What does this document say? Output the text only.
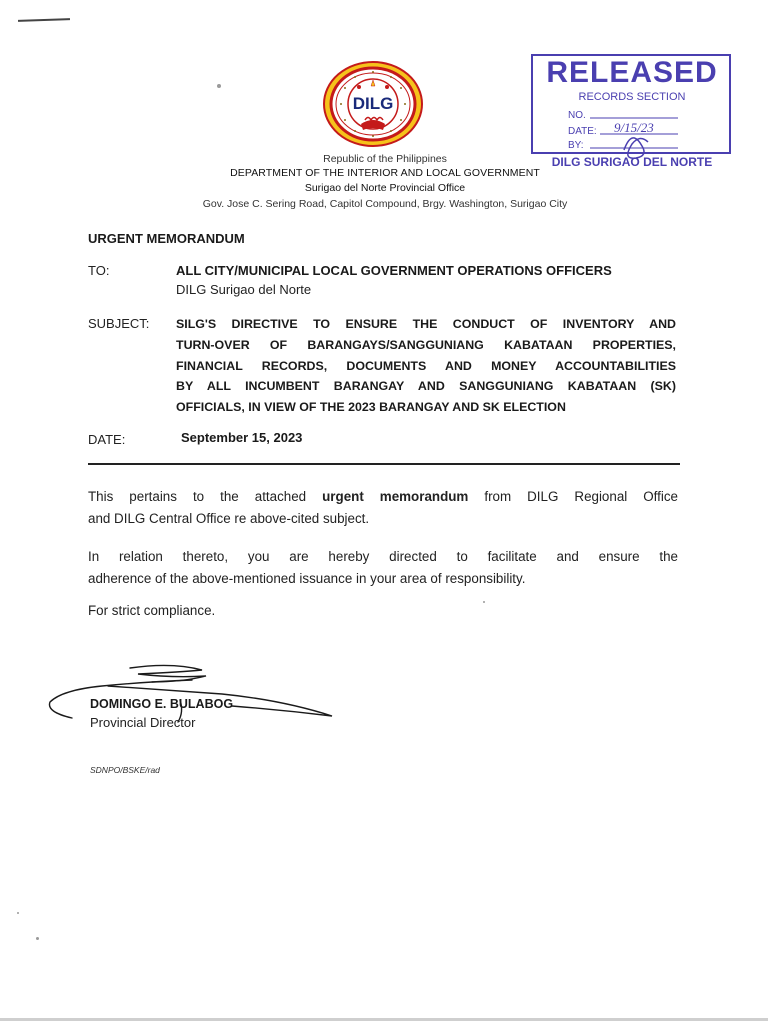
DILG
Republic of the Philippines
DEPARTMENT OF THE INTERIOR AND LOCAL GOVERNMENT
Surigao del Norte Provincial Office
Gov. Jose C. Sering Road, Capitol Compound, Brgy. Washington, Surigao City
RELEASED
RECORDS SECTION
NO.
DATE: 9/15/23
BY:
DILG SURIGAO DEL NORTE
URGENT MEMORANDUM
TO:	ALL CITY/MUNICIPAL LOCAL GOVERNMENT OPERATIONS OFFICERS
DILG Surigao del Norte
SUBJECT: SILG'S DIRECTIVE TO ENSURE THE CONDUCT OF INVENTORY AND
TURN-OVER OF BARANGAYS/SANGGUNIANG KABATAAN PROPERTIES,
FINANCIAL RECORDS, DOCUMENTS AND MONEY ACCOUNTABILITIES
BY ALL INCUMBENT BARANGAY AND SANGGUNIANG KABATAAN (SK)
OFFICIALS, IN VIEW OF THE 2023 BARANGAY AND SK ELECTION
DATE:	September 15, 2023
This pertains to the attached urgent memorandum from DILG Regional Office
and DILG Central Office re above-cited subject.
In relation thereto, you are hereby directed to facilitate and ensure the
adherence of the above-mentioned issuance in your area of responsibility.
For strict compliance.
DOMINGO E. BULABOG
Provincial Director
SDNPO/BSKE/rad
